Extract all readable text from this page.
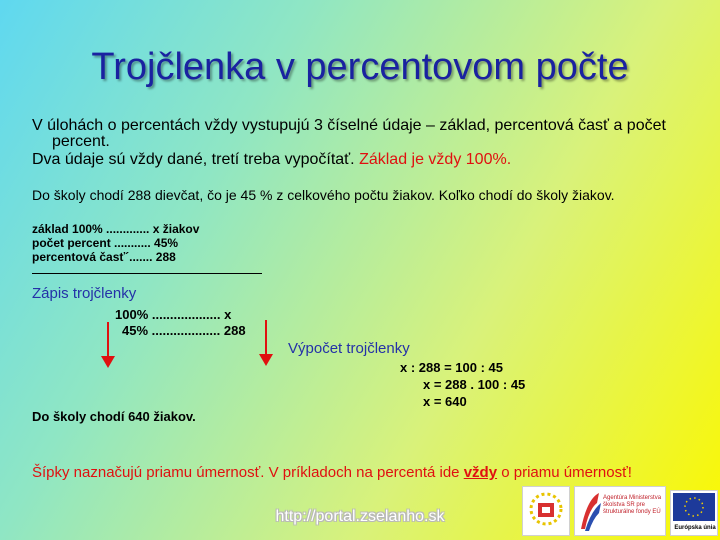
Trojčlenka v percentovom počte
V úlohách o percentách vždy vystupujú 3 číselné údaje – základ, percentová časť a počet
percent.
Dva údaje sú vždy dané, tretí treba vypočítať. Základ je vždy 100%.
Do školy chodí 288 dievčat, čo je 45 % z celkového počtu žiakov. Koľko chodí do školy žiakov.
základ 100% ............. x žiakov
počet percent ........... 45%
percentová časť´....... 288
Zápis trojčlenky
100% ................... x
45% ................... 288
Výpočet trojčlenky
x : 288 = 100 : 45
x = 288 . 100 : 45
x = 640
Do školy chodí 640 žiakov.
Šípky naznačujú priamu úmernosť. V príkladoch na percentá ide vždy o priamu úmernosť!
http://portal.zselanho.sk
Agentúra Ministerstva školstva SR pre štrukturálne fondy EÚ
Európska únia
